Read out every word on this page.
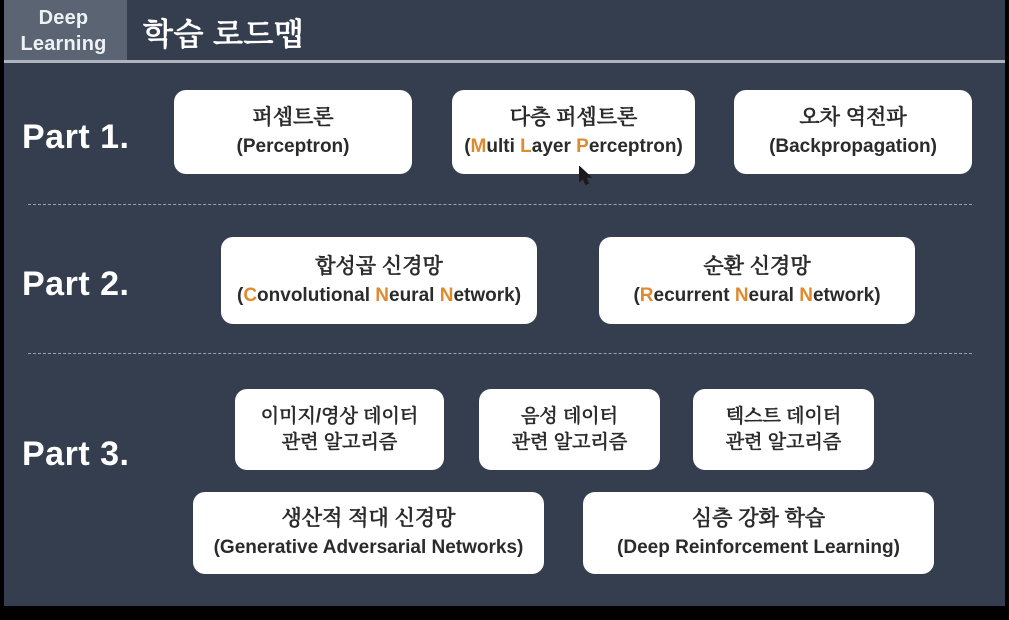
Deep
Learning 학습 로드맵
Part 1.
퍼셉트론
(Perceptron)
다층 퍼셉트론
(Multi Layer Perceptron)
오차 역전파
(Backpropagation)
Part 2.	합성곱 신경망
(Convolutional Neural Network)
순환 신경망
(Recurrent Neural Network)
Part 3.
이미지/영상 데이터
관련 알고리즘
음성 데이터
관련 알고리즘
텍스트 데이터
관련 알고리즘
생산적 적대 신경망
(Generative Adversarial Networks)
심층 강화 학습
(Deep Reinforcement Learning)
